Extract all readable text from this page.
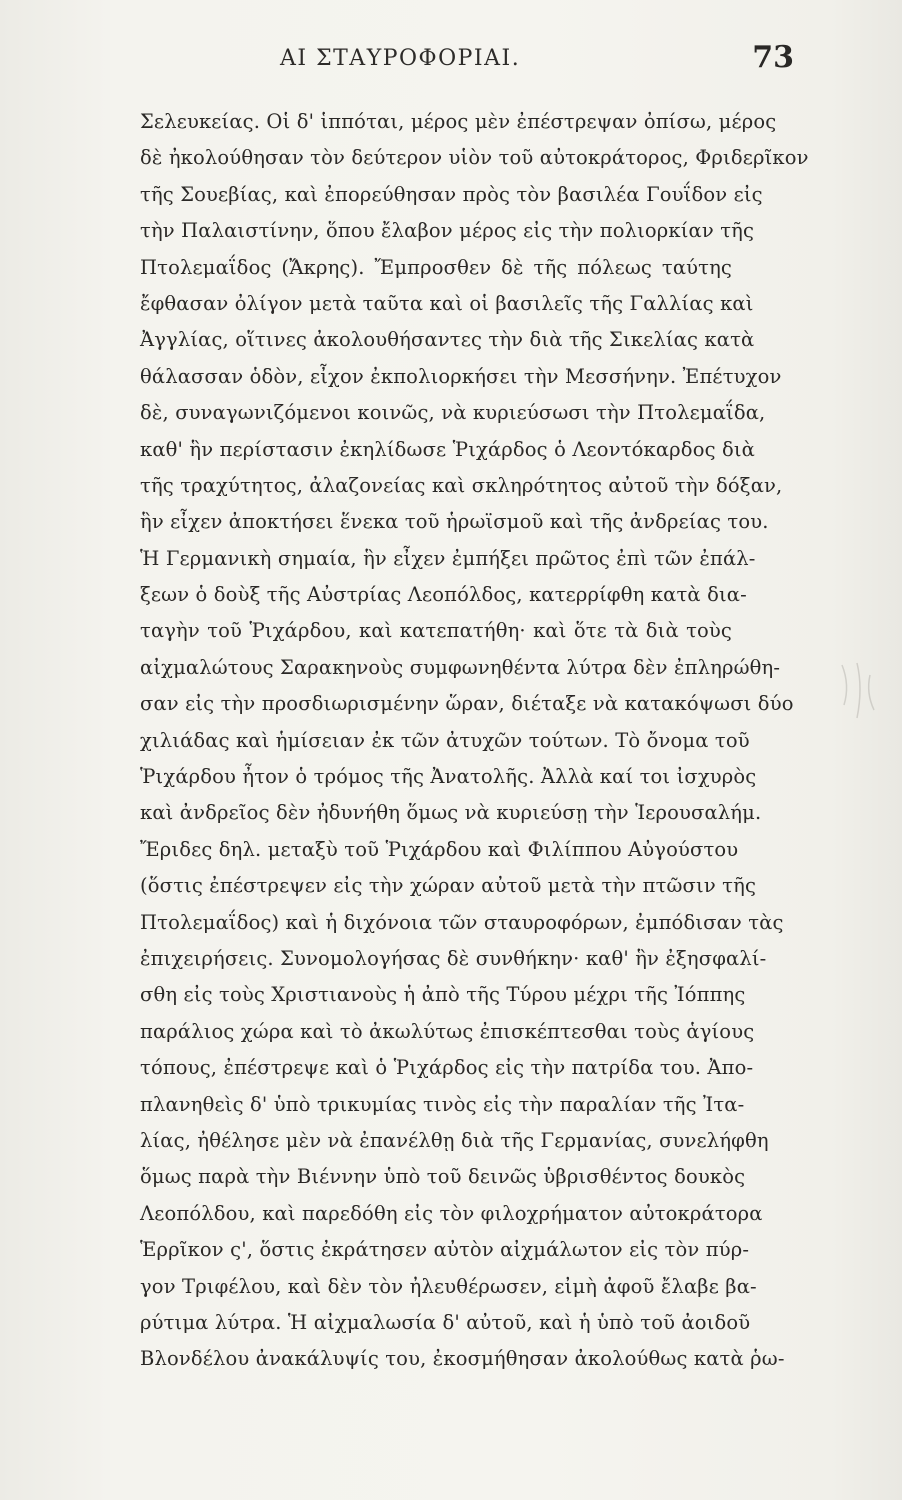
ΑΙ ΣΤΑΥΡΟΦΟΡΙΑΙ.	73
Σελευκείας. Οἱ δ' ἱππόται, μέρος μὲν ἐπέστρεψαν ὀπίσω, μέρος
δὲ ἠκολούθησαν τὸν δεύτερον υἱὸν τοῦ αὐτοκράτορος, Φριδερῖκον
τῆς Σουεβίας, καὶ ἐπορεύθησαν πρὸς τὸν βασιλέα Γουΐδον εἰς
τὴν Παλαιστίνην, ὅπου ἔλαβον μέρος εἰς τὴν πολιορκίαν τῆς
Πτολεμαΐδος (Ἄκρης). Ἔμπροσθεν δὲ τῆς πόλεως ταύτης
ἔφθασαν ὀλίγον μετὰ ταῦτα καὶ οἱ βασιλεῖς τῆς Γαλλίας καὶ
Ἀγγλίας, οἵτινες ἀκολουθήσαντες τὴν διὰ τῆς Σικελίας κατὰ
θάλασσαν ὁδὸν, εἶχον ἐκπολιορκήσει τὴν Μεσσήνην. Ἐπέτυχον
δὲ, συναγωνιζόμενοι κοινῶς, νὰ κυριεύσωσι τὴν Πτολεμαΐδα,
καθ' ἣν περίστασιν ἐκηλίδωσε Ῥιχάρδος ὁ Λεοντόκαρδος διὰ
τῆς τραχύτητος, ἀλαζονείας καὶ σκληρότητος αὐτοῦ τὴν δόξαν,
ἣν εἶχεν ἀποκτήσει ἕνεκα τοῦ ἡρωϊσμοῦ καὶ τῆς ἀνδρείας του.
Ἡ Γερμανικὴ σημαία, ἣν εἶχεν ἐμπήξει πρῶτος ἐπὶ τῶν ἐπάλ-
ξεων ὁ δοὺξ τῆς Αὐστρίας Λεοπόλδος, κατερρίφθη κατὰ δια-
ταγὴν τοῦ Ῥιχάρδου, καὶ κατεπατήθη· καὶ ὅτε τὰ διὰ τοὺς
αἰχμαλώτους Σαρακηνοὺς συμφωνηθέντα λύτρα δὲν ἐπληρώθη-
σαν εἰς τὴν προσδιωρισμένην ὥραν, διέταξε νὰ κατακόψωσι δύο
χιλιάδας καὶ ἡμίσειαν ἐκ τῶν ἀτυχῶν τούτων. Τὸ ὄνομα τοῦ
Ῥιχάρδου ἦτον ὁ τρόμος τῆς Ἀνατολῆς. Ἀλλὰ καί τοι ἰσχυρὸς
καὶ ἀνδρεῖος δὲν ἠδυνήθη ὅμως νὰ κυριεύσῃ τὴν Ἱερουσαλήμ.
Ἔριδες δηλ. μεταξὺ τοῦ Ῥιχάρδου καὶ Φιλίππου Αὐγούστου
(ὅστις ἐπέστρεψεν εἰς τὴν χώραν αὐτοῦ μετὰ τὴν πτῶσιν τῆς
Πτολεμαΐδος) καὶ ἡ διχόνοια τῶν σταυροφόρων, ἐμπόδισαν τὰς
ἐπιχειρήσεις. Συνομολογήσας δὲ συνθήκην· καθ' ἣν ἐξησφαλί-
σθη εἰς τοὺς Χριστιανοὺς ἡ ἀπὸ τῆς Τύρου μέχρι τῆς Ἰόππης
παράλιος χώρα καὶ τὸ ἀκωλύτως ἐπισκέπτεσθαι τοὺς ἁγίους
τόπους, ἐπέστρεψε καὶ ὁ Ῥιχάρδος εἰς τὴν πατρίδα του. Ἀπο-
πλανηθεὶς δ' ὑπὸ τρικυμίας τινὸς εἰς τὴν παραλίαν τῆς Ἰτα-
λίας, ἠθέλησε μὲν νὰ ἐπανέλθῃ διὰ τῆς Γερμανίας, συνελήφθη
ὅμως παρὰ τὴν Βιέννην ὑπὸ τοῦ δεινῶς ὑβρισθέντος δουκὸς
Λεοπόλδου, καὶ παρεδόθη εἰς τὸν φιλοχρήματον αὐτοκράτορα
Ἑρρῖκον ς', ὅστις ἐκράτησεν αὐτὸν αἰχμάλωτον εἰς τὸν πύρ-
γον Τριφέλου, καὶ δὲν τὸν ἠλευθέρωσεν, εἰμὴ ἀφοῦ ἔλαβε βα-
ρύτιμα λύτρα. Ἡ αἰχμαλωσία δ' αὐτοῦ, καὶ ἡ ὑπὸ τοῦ ἀοιδοῦ
Βλονδέλου ἀνακάλυψίς του, ἐκοσμήθησαν ἀκολούθως κατὰ ῥω-
